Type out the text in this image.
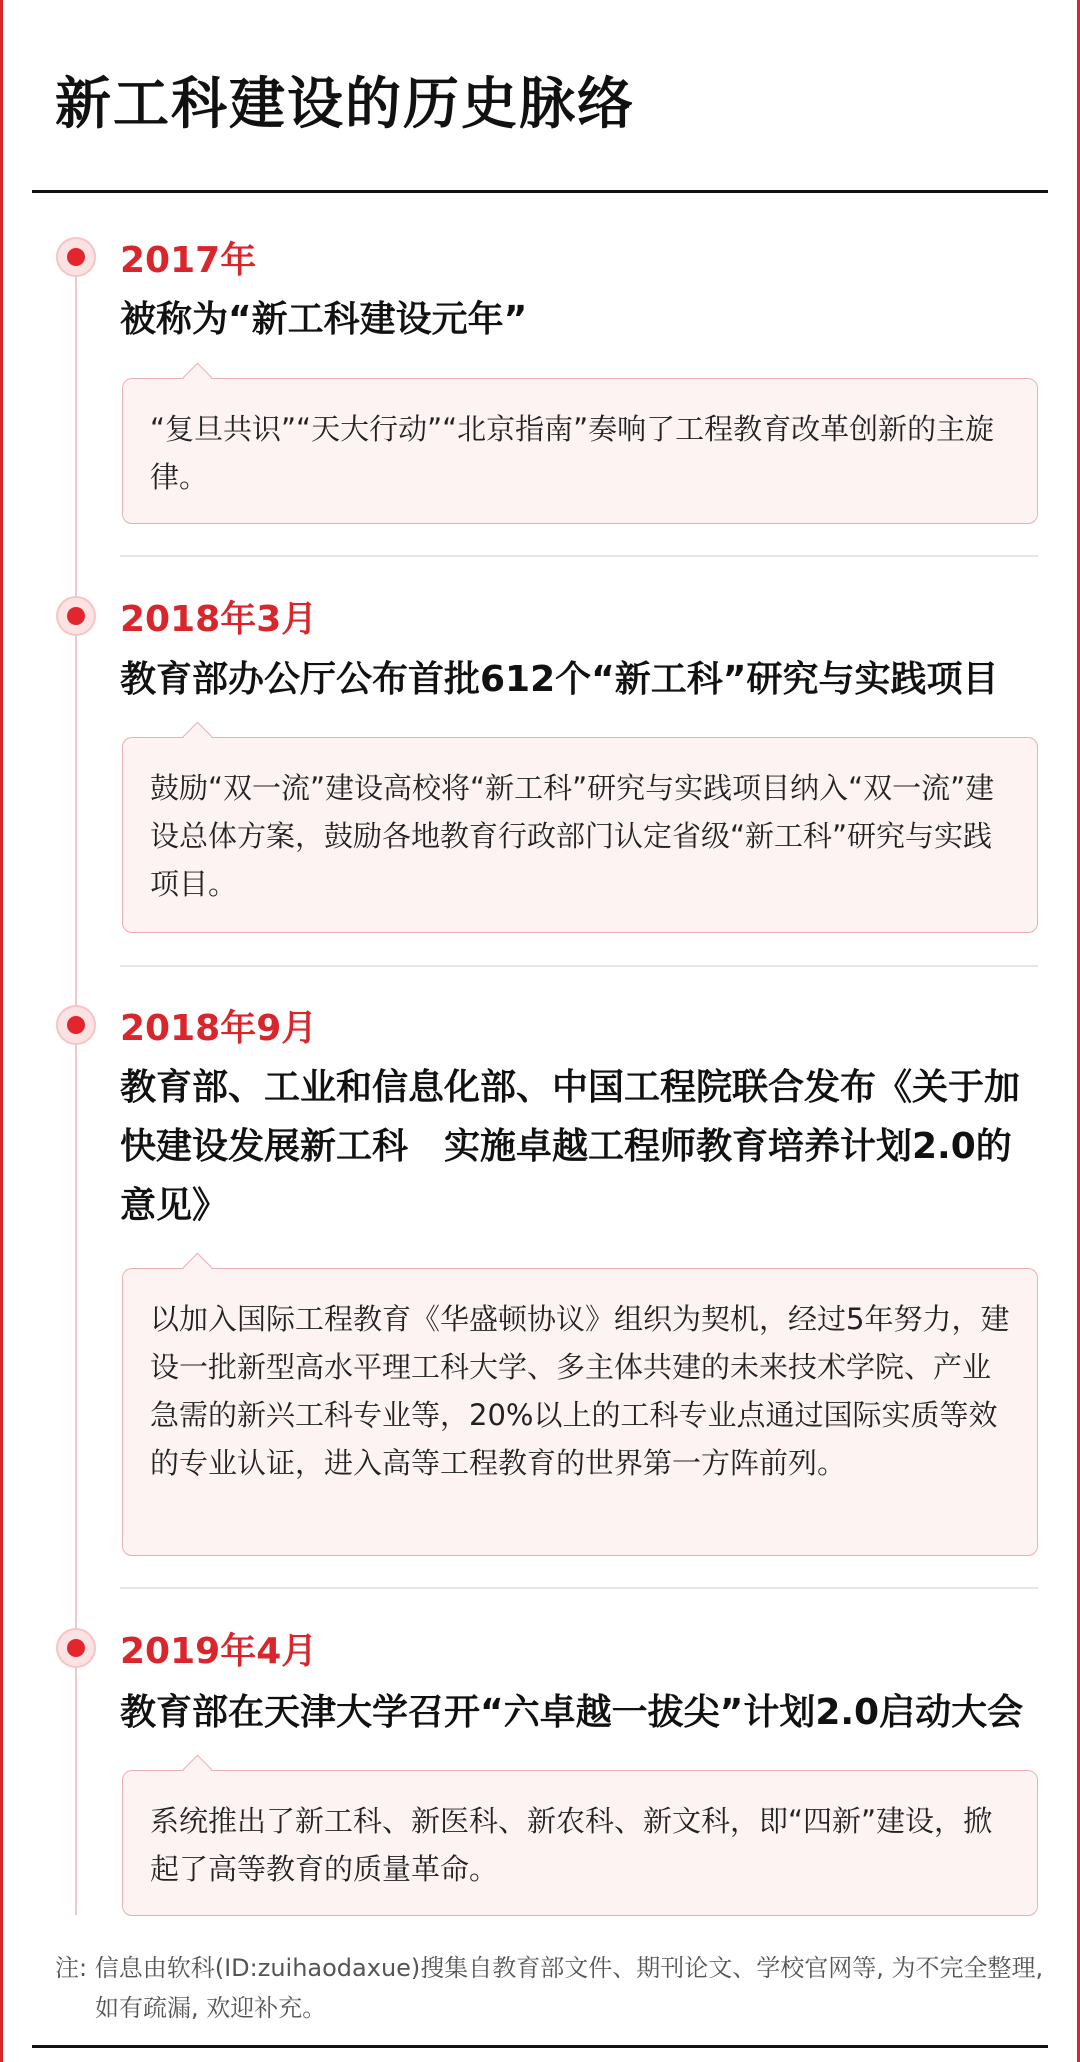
新工科建设的历史脉络
2017年
被称为“新工科建设元年”
“复旦共识”“天大行动”“北京指南”奏响了工程教育改革创新的主旋律。
2018年3月
教育部办公厅公布首批612个“新工科”研究与实践项目
鼓励“双一流”建设高校将“新工科”研究与实践项目纳入“双一流”建设总体方案，鼓励各地教育行政部门认定省级“新工科”研究与实践项目。
2018年9月
教育部、工业和信息化部、中国工程院联合发布《关于加快建设发展新工科　实施卓越工程师教育培养计划2.0的意见》
以加入国际工程教育《华盛顿协议》组织为契机，经过5年努力，建设一批新型高水平理工科大学、多主体共建的未来技术学院、产业急需的新兴工科专业等，20%以上的工科专业点通过国际实质等效的专业认证，进入高等工程教育的世界第一方阵前列。
2019年4月
教育部在天津大学召开“六卓越一拔尖”计划2.0启动大会
系统推出了新工科、新医科、新农科、新文科，即“四新”建设，掀起了高等教育的质量革命。

注: 信息由软科(ID:zuihaodaxue)搜集自教育部文件、期刊论文、学校官网等, 为不完全整理, 如有疏漏, 欢迎补充。
